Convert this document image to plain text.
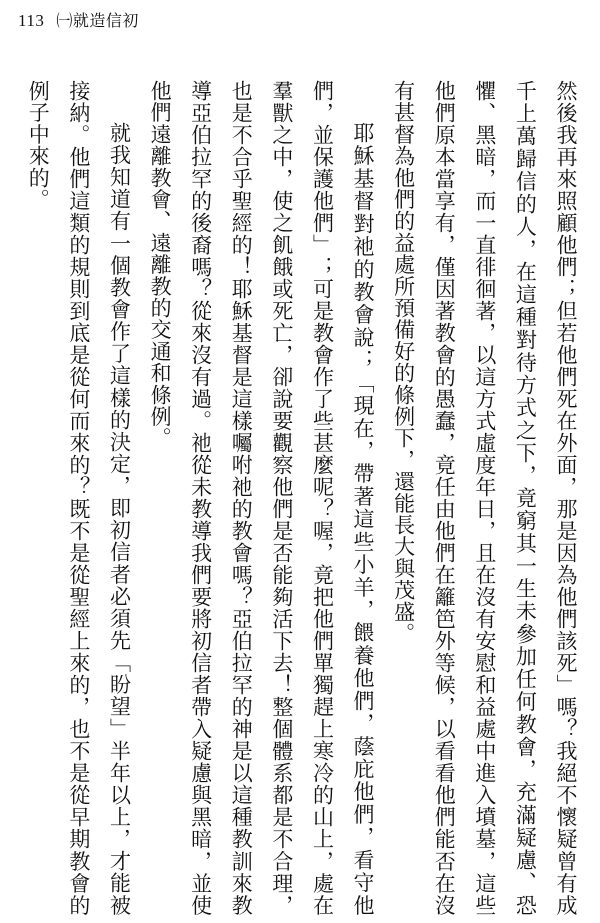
113 ㈠就造信初

然後我再來照顧他們；但若他們死在外面，那是因為他們該死」嗎？我絕不懷疑曾有成千上萬歸信的人，在這種對待方式之下，竟窮其一生未參加任何教會，充滿疑慮、恐懼、黑暗，而一直徘徊著，以這方式虛度年日，且在沒有安慰和益處中進入墳墓，這些他們原本當享有，僅因著教會的愚蠢，竟任由他們在籬笆外等候，以看看他們能否在沒有甚督為他們的益處所預備好的條例下，還能長大與茂盛。

耶穌基督對祂的教會說；「現在，帶著這些小羊，餵養他們，蔭庇他們，看守他們，並保護他們」；可是教會作了些甚麼呢？喔，竟把他們單獨趕上寒冷的山上，處在羣獸之中，使之飢餓或死亡，卻說要觀察他們是否能夠活下去！整個體系都是不合理，也是不合乎聖經的！耶穌基督是這樣囑咐祂的教會嗎？亞伯拉罕的神是以這種教訓來教導亞伯拉罕的後裔嗎？從來沒有過。祂從未教導我們要將初信者帶入疑慮與黑暗，並使他們遠離教會、遠離教的交通和條例。

就我知道有一個教會作了這樣的決定，即初信者必須先「盼望」半年以上，才能被接納。他們這類的規則到底是從何而來的？既不是從聖經上來的，也不是從早期教會的例子中來的。
